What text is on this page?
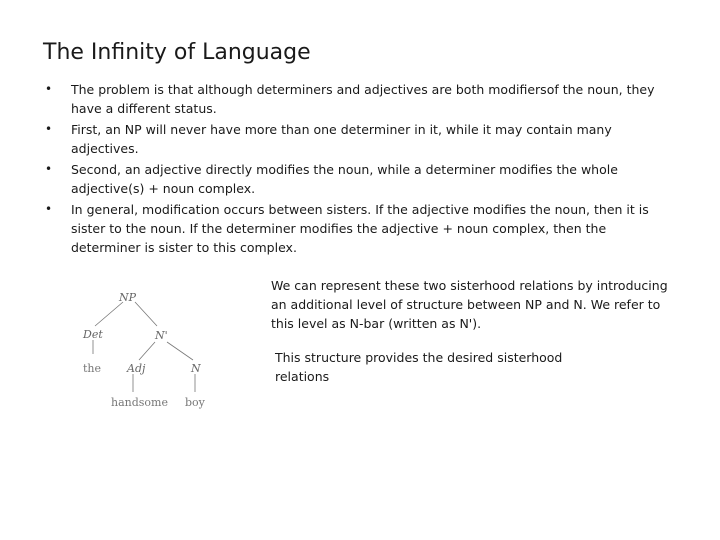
The Infinity of Language
• The problem is that although determiners and adjectives are both modifiersof the noun, they have a different status.
• First, an NP will never have more than one determiner in it, while it may contain many adjectives.
• Second, an adjective directly modifies the noun, while a determiner modifies the whole adjective(s) + noun complex.
• In general, modification occurs between sisters. If the adjective modifies the noun, then it is sister to the noun. If the determiner modifies the adjective + noun complex, then the determiner is sister to this complex.
NP
Det	N'
Adj	N
the
handsome boy
We can represent these two sisterhood relations by introducing an additional level of structure between NP and N. We refer to this level as N-bar (written as N').
This structure provides the desired sisterhood relations
